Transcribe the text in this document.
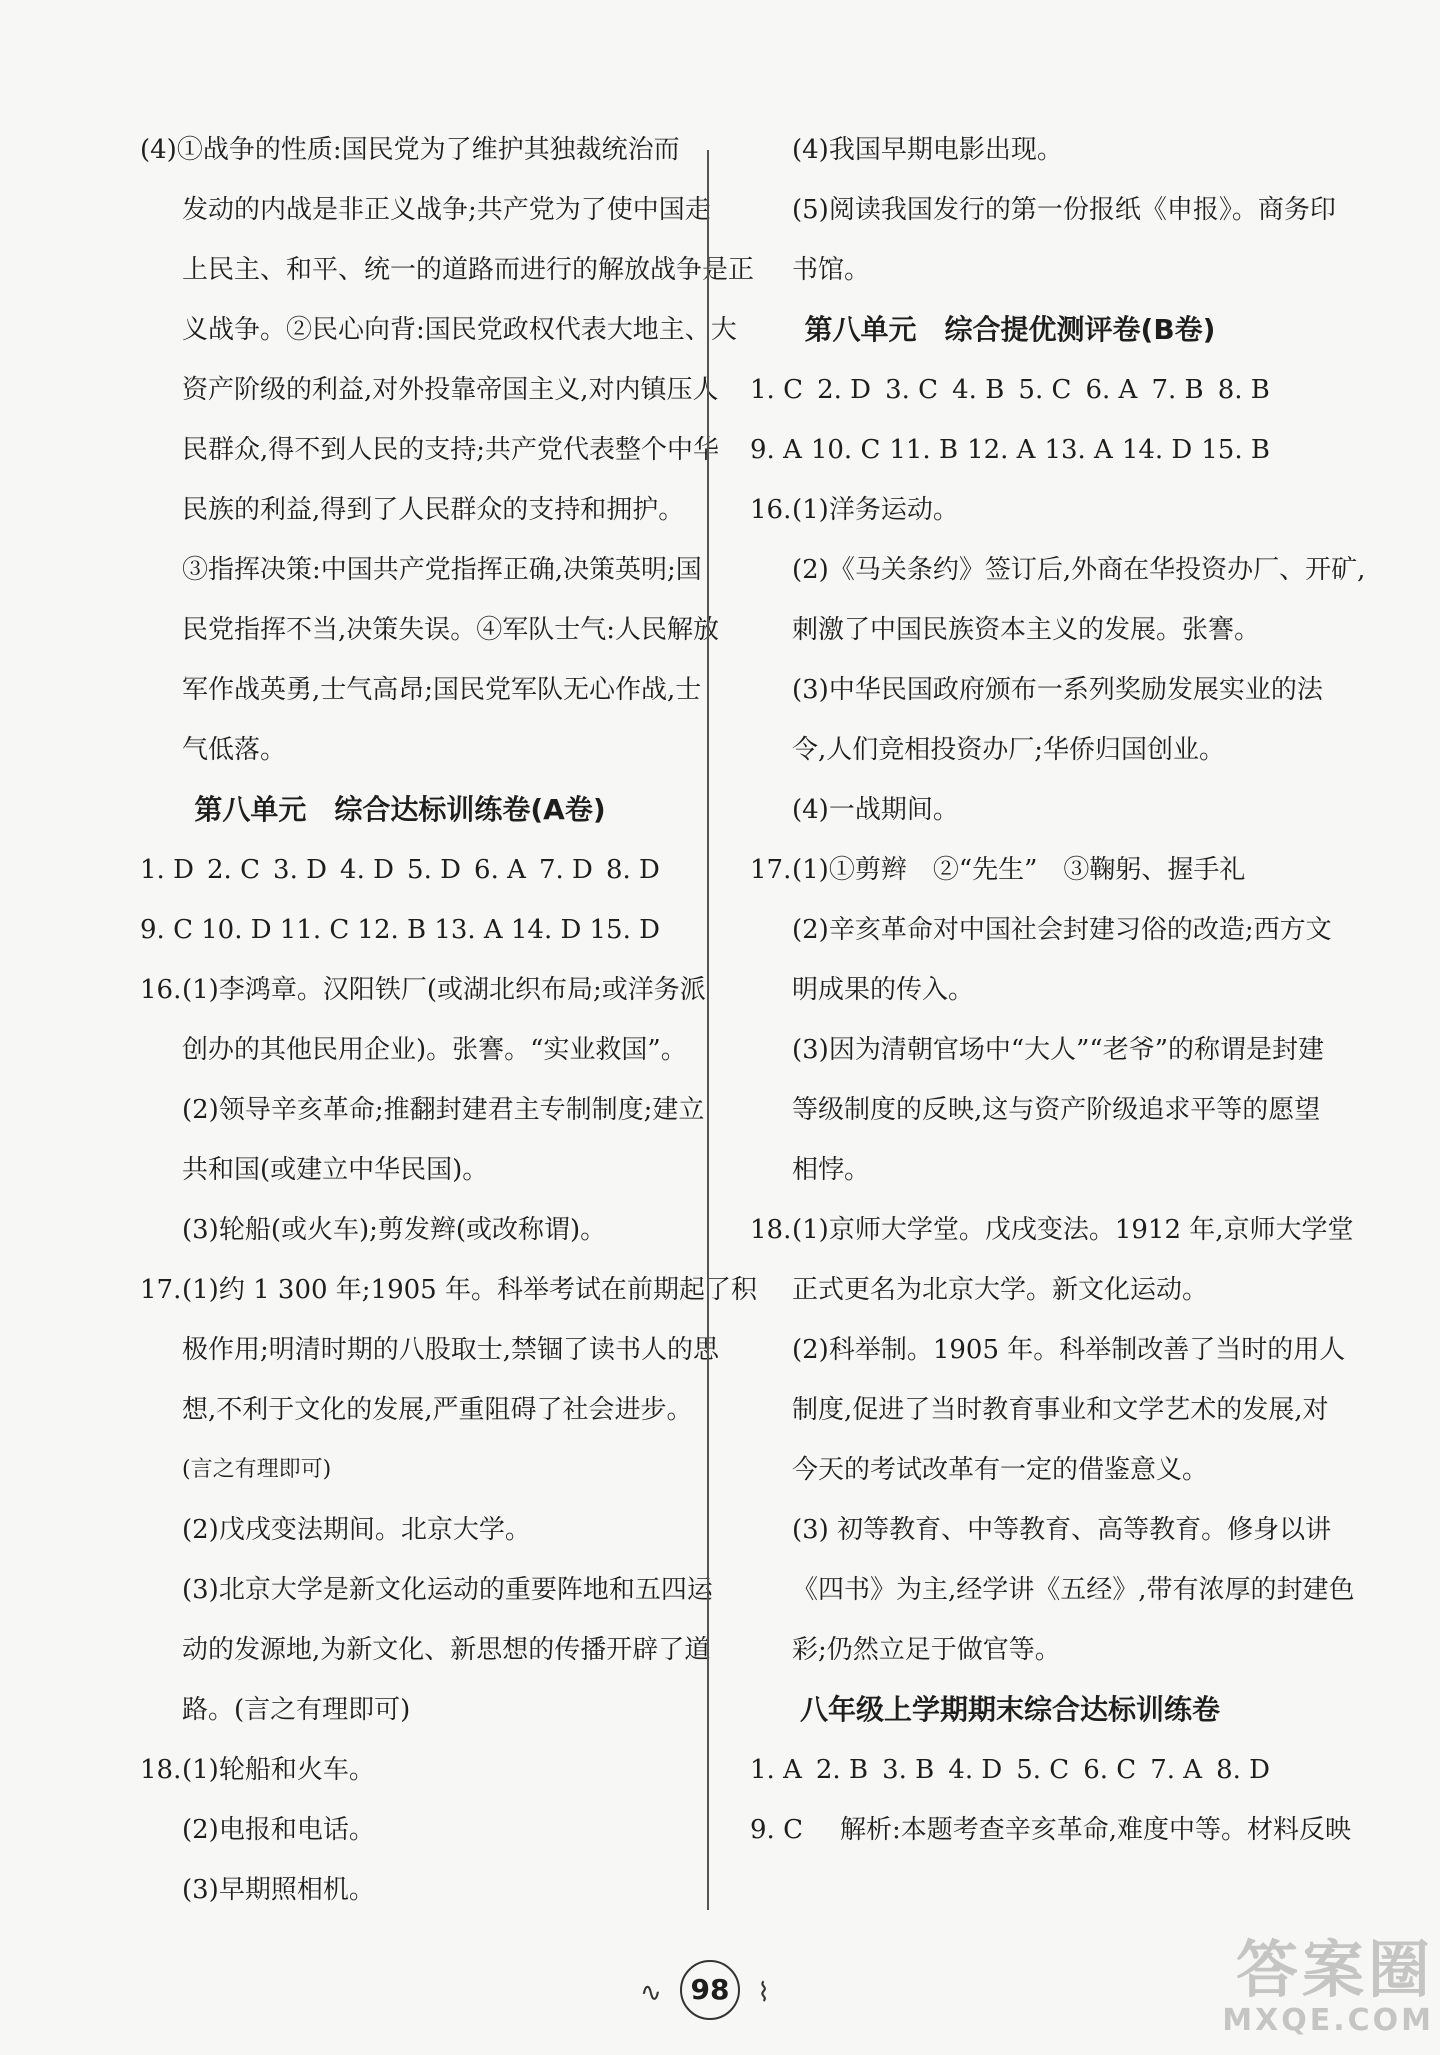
(4)①战争的性质:国民党为了维护其独裁统治而
发动的内战是非正义战争;共产党为了使中国走
上民主、和平、统一的道路而进行的解放战争是正
义战争。②民心向背:国民党政权代表大地主、大
资产阶级的利益,对外投靠帝国主义,对内镇压人
民群众,得不到人民的支持;共产党代表整个中华
民族的利益,得到了人民群众的支持和拥护。
③指挥决策:中国共产党指挥正确,决策英明;国
民党指挥不当,决策失误。④军队士气:人民解放
军作战英勇,士气高昂;国民党军队无心作战,士
气低落。
第八单元　综合达标训练卷(A卷)
1. D 2. C 3. D 4. D 5. D 6. A 7. D 8. D
9. C 10. D 11. C 12. B 13. A 14. D 15. D
16. (1)李鸿章。汉阳铁厂(或湖北织布局;或洋务派
创办的其他民用企业)。张謇。“实业救国”。
(2)领导辛亥革命;推翻封建君主专制制度;建立
共和国(或建立中华民国)。
(3)轮船(或火车);剪发辫(或改称谓)。
17. (1)约 1 300 年;1905 年。科举考试在前期起了积
极作用;明清时期的八股取士,禁锢了读书人的思
想,不利于文化的发展,严重阻碍了社会进步。
(言之有理即可)
(2)戊戌变法期间。北京大学。
(3)北京大学是新文化运动的重要阵地和五四运
动的发源地,为新文化、新思想的传播开辟了道
路。(言之有理即可)
18. (1)轮船和火车。
(2)电报和电话。
(3)早期照相机。
(4)我国早期电影出现。
(5)阅读我国发行的第一份报纸《申报》。商务印
书馆。
第八单元　综合提优测评卷(B卷)
1. C 2. D 3. C 4. B 5. C 6. A 7. B 8. B
9. A 10. C 11. B 12. A 13. A 14. D 15. B
16. (1)洋务运动。
(2)《马关条约》签订后,外商在华投资办厂、开矿,
刺激了中国民族资本主义的发展。张謇。
(3)中华民国政府颁布一系列奖励发展实业的法
令,人们竞相投资办厂;华侨归国创业。
(4)一战期间。
17. (1)①剪辫　②“先生”　③鞠躬、握手礼
(2)辛亥革命对中国社会封建习俗的改造;西方文
明成果的传入。
(3)因为清朝官场中“大人”“老爷”的称谓是封建
等级制度的反映,这与资产阶级追求平等的愿望
相悖。
18. (1)京师大学堂。戊戌变法。1912 年,京师大学堂
正式更名为北京大学。新文化运动。
(2)科举制。1905 年。科举制改善了当时的用人
制度,促进了当时教育事业和文学艺术的发展,对
今天的考试改革有一定的借鉴意义。
(3) 初等教育、中等教育、高等教育。修身以讲
《四书》为主,经学讲《五经》,带有浓厚的封建色
彩;仍然立足于做官等。
八年级上学期期末综合达标训练卷
1. A 2. B 3. B 4. D 5. C 6. C 7. A 8. D
9. C	解析:本题考查辛亥革命,难度中等。材料反映
∿	98	⌇	答案圈
MXQE.COM
